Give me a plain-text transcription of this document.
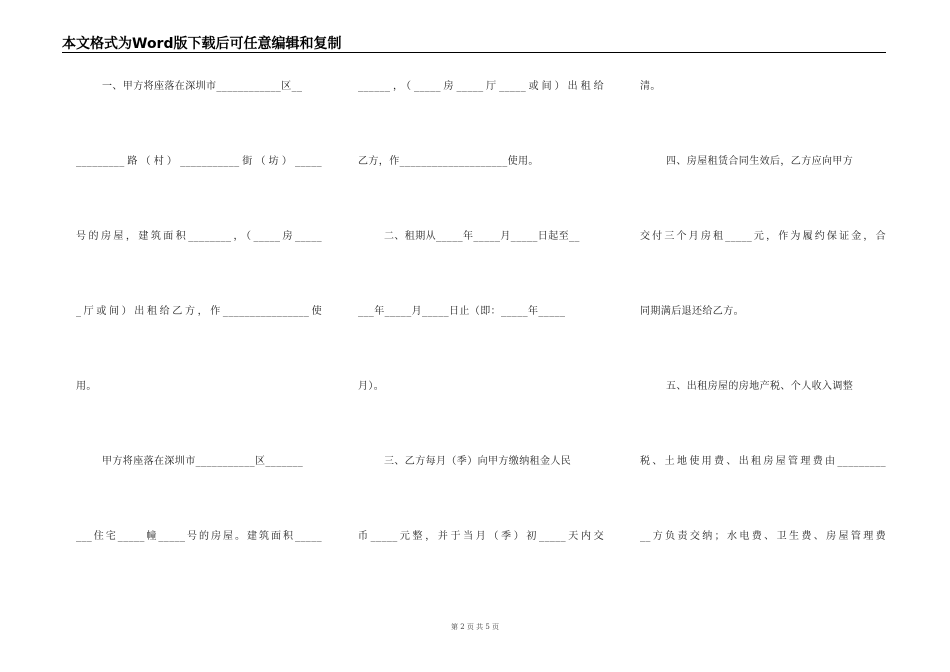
本文格式为Word版下载后可任意编辑和复制
一、甲方将座落在深圳市____________区__
_________路（村）___________街（坊）_____
号的房屋，建筑面积________，（_____房_____
_厅或间）出租给乙方，作________________使
用。
甲方将座落在深圳市___________区_______
___住宅_____幢_____号的房屋。建筑面积_____
______，（_____房_____厅_____或间）出租给
乙方，作____________________使用。
二、租期从_____年_____月_____日起至__
___年_____月_____日止（即：_____年_____
月）。
三、乙方每月（季）向甲方缴纳租金人民
币_____元整，并于当月（季）初_____天内交
清。
四、房屋租赁合同生效后，乙方应向甲方
交付三个月房租_____元，作为履约保证金，合
同期满后退还给乙方。
五、出租房屋的房地产税、个人收入调整
税、土地使用费、出租房屋管理费由_________
__方负责交纳；水电费、卫生费、房屋管理费
第 2 页 共 5 页
